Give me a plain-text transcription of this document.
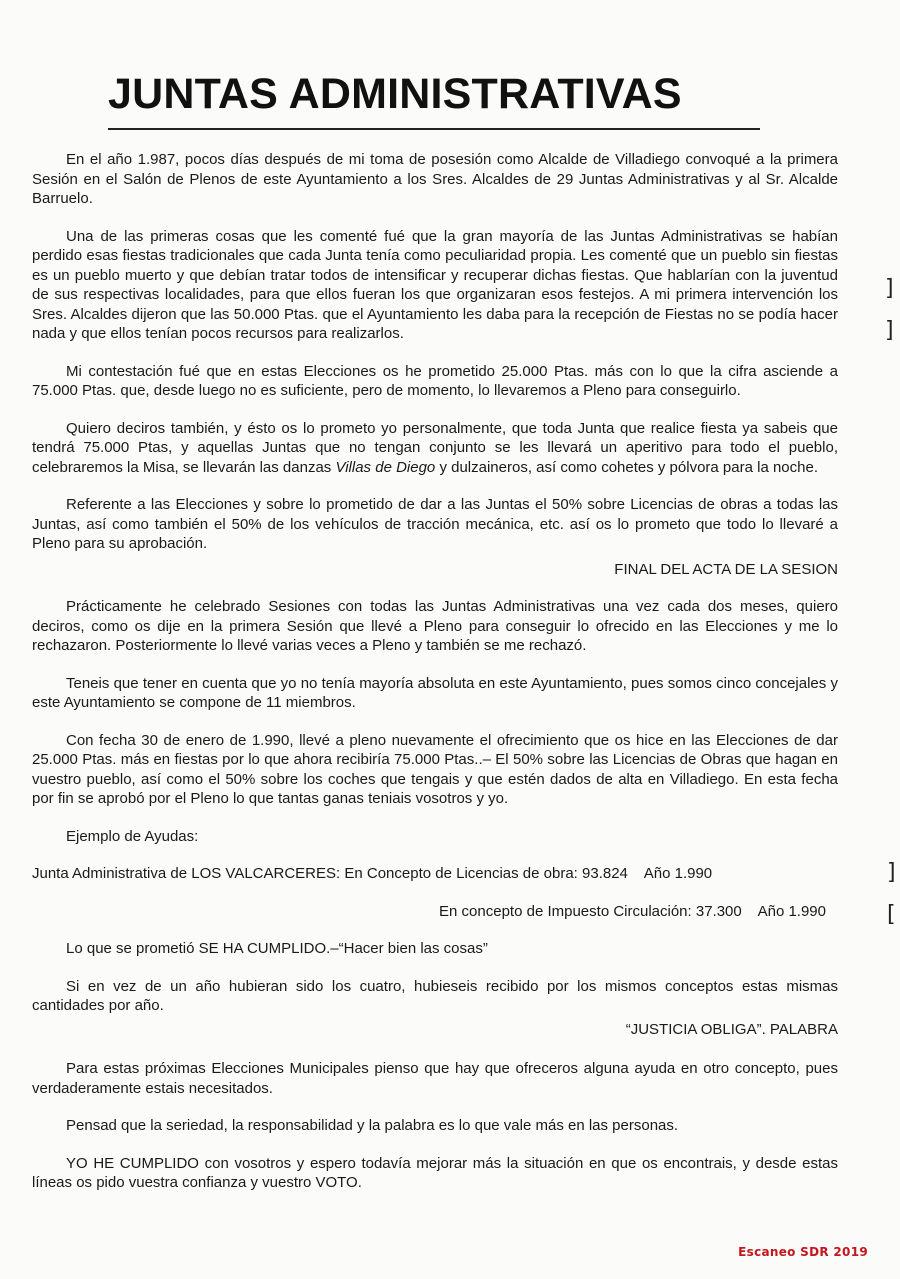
JUNTAS ADMINISTRATIVAS

En el año 1.987, pocos días después de mi toma de posesión como Alcalde de Villadiego convoqué a la primera Sesión en el Salón de Plenos de este Ayuntamiento a los Sres. Alcaldes de 29 Juntas Administrativas y al Sr. Alcalde Barruelo.

Una de las primeras cosas que les comenté fué que la gran mayoría de las Juntas Administrativas se habían perdido esas fiestas tradicionales que cada Junta tenía como peculiaridad propia. Les comenté que un pueblo sin fiestas es un pueblo muerto y que debían tratar todos de intensificar y recuperar dichas fiestas. Que hablarían con la juventud de sus respectivas localidades, para que ellos fueran los que organizaran esos festejos. A mi primera intervención los Sres. Alcaldes dijeron que las 50.000 Ptas. que el Ayuntamiento les daba para la recepción de Fiestas no se podía hacer nada y que ellos tenían pocos recursos para realizarlos.

Mi contestación fué que en estas Elecciones os he prometido 25.000 Ptas. más con lo que la cifra asciende a 75.000 Ptas. que, desde luego no es suficiente, pero de momento, lo llevaremos a Pleno para conseguirlo.

Quiero deciros también, y ésto os lo prometo yo personalmente, que toda Junta que realice fiesta ya sabeis que tendrá 75.000 Ptas, y aquellas Juntas que no tengan conjunto se les llevará un aperitivo para todo el pueblo, celebraremos la Misa, se llevarán las danzas Villas de Diego y dulzaineros, así como cohetes y pólvora para la noche.

Referente a las Elecciones y sobre lo prometido de dar a las Juntas el 50% sobre Licencias de obras a todas las Juntas, así como también el 50% de los vehículos de tracción mecánica, etc. así os lo prometo que todo lo llevaré a Pleno para su aprobación.

FINAL DEL ACTA DE LA SESION

Prácticamente he celebrado Sesiones con todas las Juntas Administrativas una vez cada dos meses, quiero deciros, como os dije en la primera Sesión que llevé a Pleno para conseguir lo ofrecido en las Elecciones y me lo rechazaron. Posteriormente lo llevé varias veces a Pleno y también se me rechazó.

Teneis que tener en cuenta que yo no tenía mayoría absoluta en este Ayuntamiento, pues somos cinco concejales y este Ayuntamiento se compone de 11 miembros.

Con fecha 30 de enero de 1.990, llevé a pleno nuevamente el ofrecimiento que os hice en las Elecciones de dar 25.000 Ptas. más en fiestas por lo que ahora recibiría 75.000 Ptas..– El 50% sobre las Licencias de Obras que hagan en vuestro pueblo, así como el 50% sobre los coches que tengais y que estén dados de alta en Villadiego. En esta fecha por fin se aprobó por el Pleno lo que tantas ganas teniais vosotros y yo.

Ejemplo de Ayudas:

Junta Administrativa de LOS VALCARCERES: En Concepto de Licencias de obra: 93.824 Año 1.990
En concepto de Impuesto Circulación: 37.300 Año 1.990

Lo que se prometió SE HA CUMPLIDO.–“Hacer bien las cosas”

Si en vez de un año hubieran sido los cuatro, hubieseis recibido por los mismos conceptos estas mismas cantidades por año.

“JUSTICIA OBLIGA”. PALABRA

Para estas próximas Elecciones Municipales pienso que hay que ofreceros alguna ayuda en otro concepto, pues verdaderamente estais necesitados.

Pensad que la seriedad, la responsabilidad y la palabra es lo que vale más en las personas.

YO HE CUMPLIDO con vosotros y espero todavía mejorar más la situación en que os encontrais, y desde estas líneas os pido vuestra confianza y vuestro VOTO.

]
]
]
[
Escaneo SDR 2019
